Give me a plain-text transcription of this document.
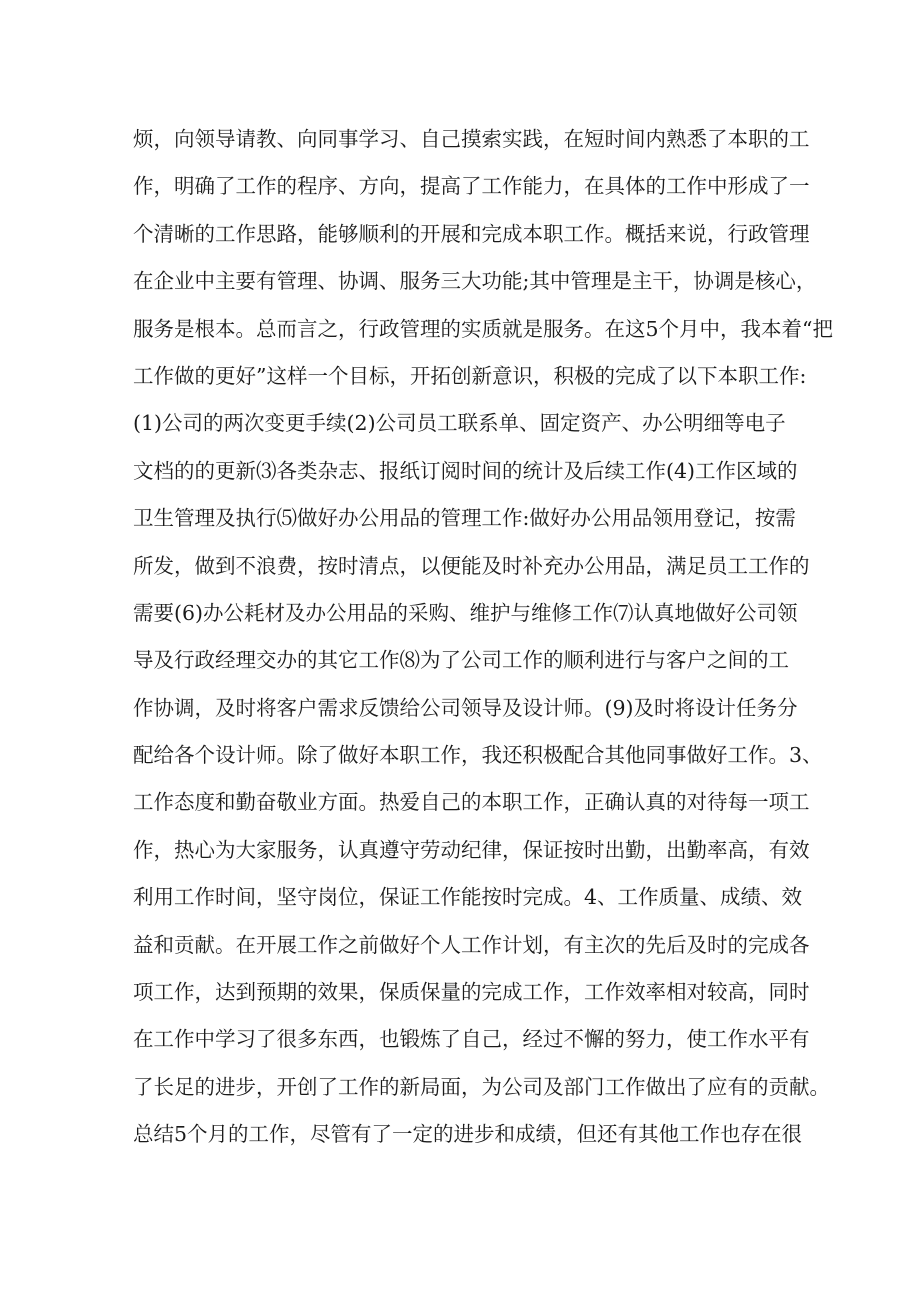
烦，向领导请教、向同事学习、自己摸索实践，在短时间内熟悉了本职的工
作，明确了工作的程序、方向，提高了工作能力，在具体的工作中形成了一
个清晰的工作思路，能够顺利的开展和完成本职工作。概括来说，行政管理
在企业中主要有管理、协调、服务三大功能;其中管理是主干，协调是核心，
服务是根本。总而言之，行政管理的实质就是服务。在这5个月中，我本着“把
工作做的更好”这样一个目标，开拓创新意识，积极的完成了以下本职工作:
(1)公司的两次变更手续(2)公司员工联系单、固定资产、办公明细等电子
文档的的更新⑶各类杂志、报纸订阅时间的统计及后续工作(4)工作区域的
卫生管理及执行⑸做好办公用品的管理工作:做好办公用品领用登记，按需
所发，做到不浪费，按时清点，以便能及时补充办公用品，满足员工工作的
需要(6)办公耗材及办公用品的采购、维护与维修工作⑺认真地做好公司领
导及行政经理交办的其它工作⑻为了公司工作的顺利进行与客户之间的工
作协调，及时将客户需求反馈给公司领导及设计师。(9)及时将设计任务分
配给各个设计师。除了做好本职工作，我还积极配合其他同事做好工作。3、
工作态度和勤奋敬业方面。热爱自己的本职工作，正确认真的对待每一项工
作，热心为大家服务，认真遵守劳动纪律，保证按时出勤，出勤率高，有效
利用工作时间，坚守岗位，保证工作能按时完成。4、工作质量、成绩、效
益和贡献。在开展工作之前做好个人工作计划，有主次的先后及时的完成各
项工作，达到预期的效果，保质保量的完成工作，工作效率相对较高，同时
在工作中学习了很多东西，也锻炼了自己，经过不懈的努力，使工作水平有
了长足的进步，开创了工作的新局面，为公司及部门工作做出了应有的贡献。
总结5个月的工作，尽管有了一定的进步和成绩，但还有其他工作也存在很
